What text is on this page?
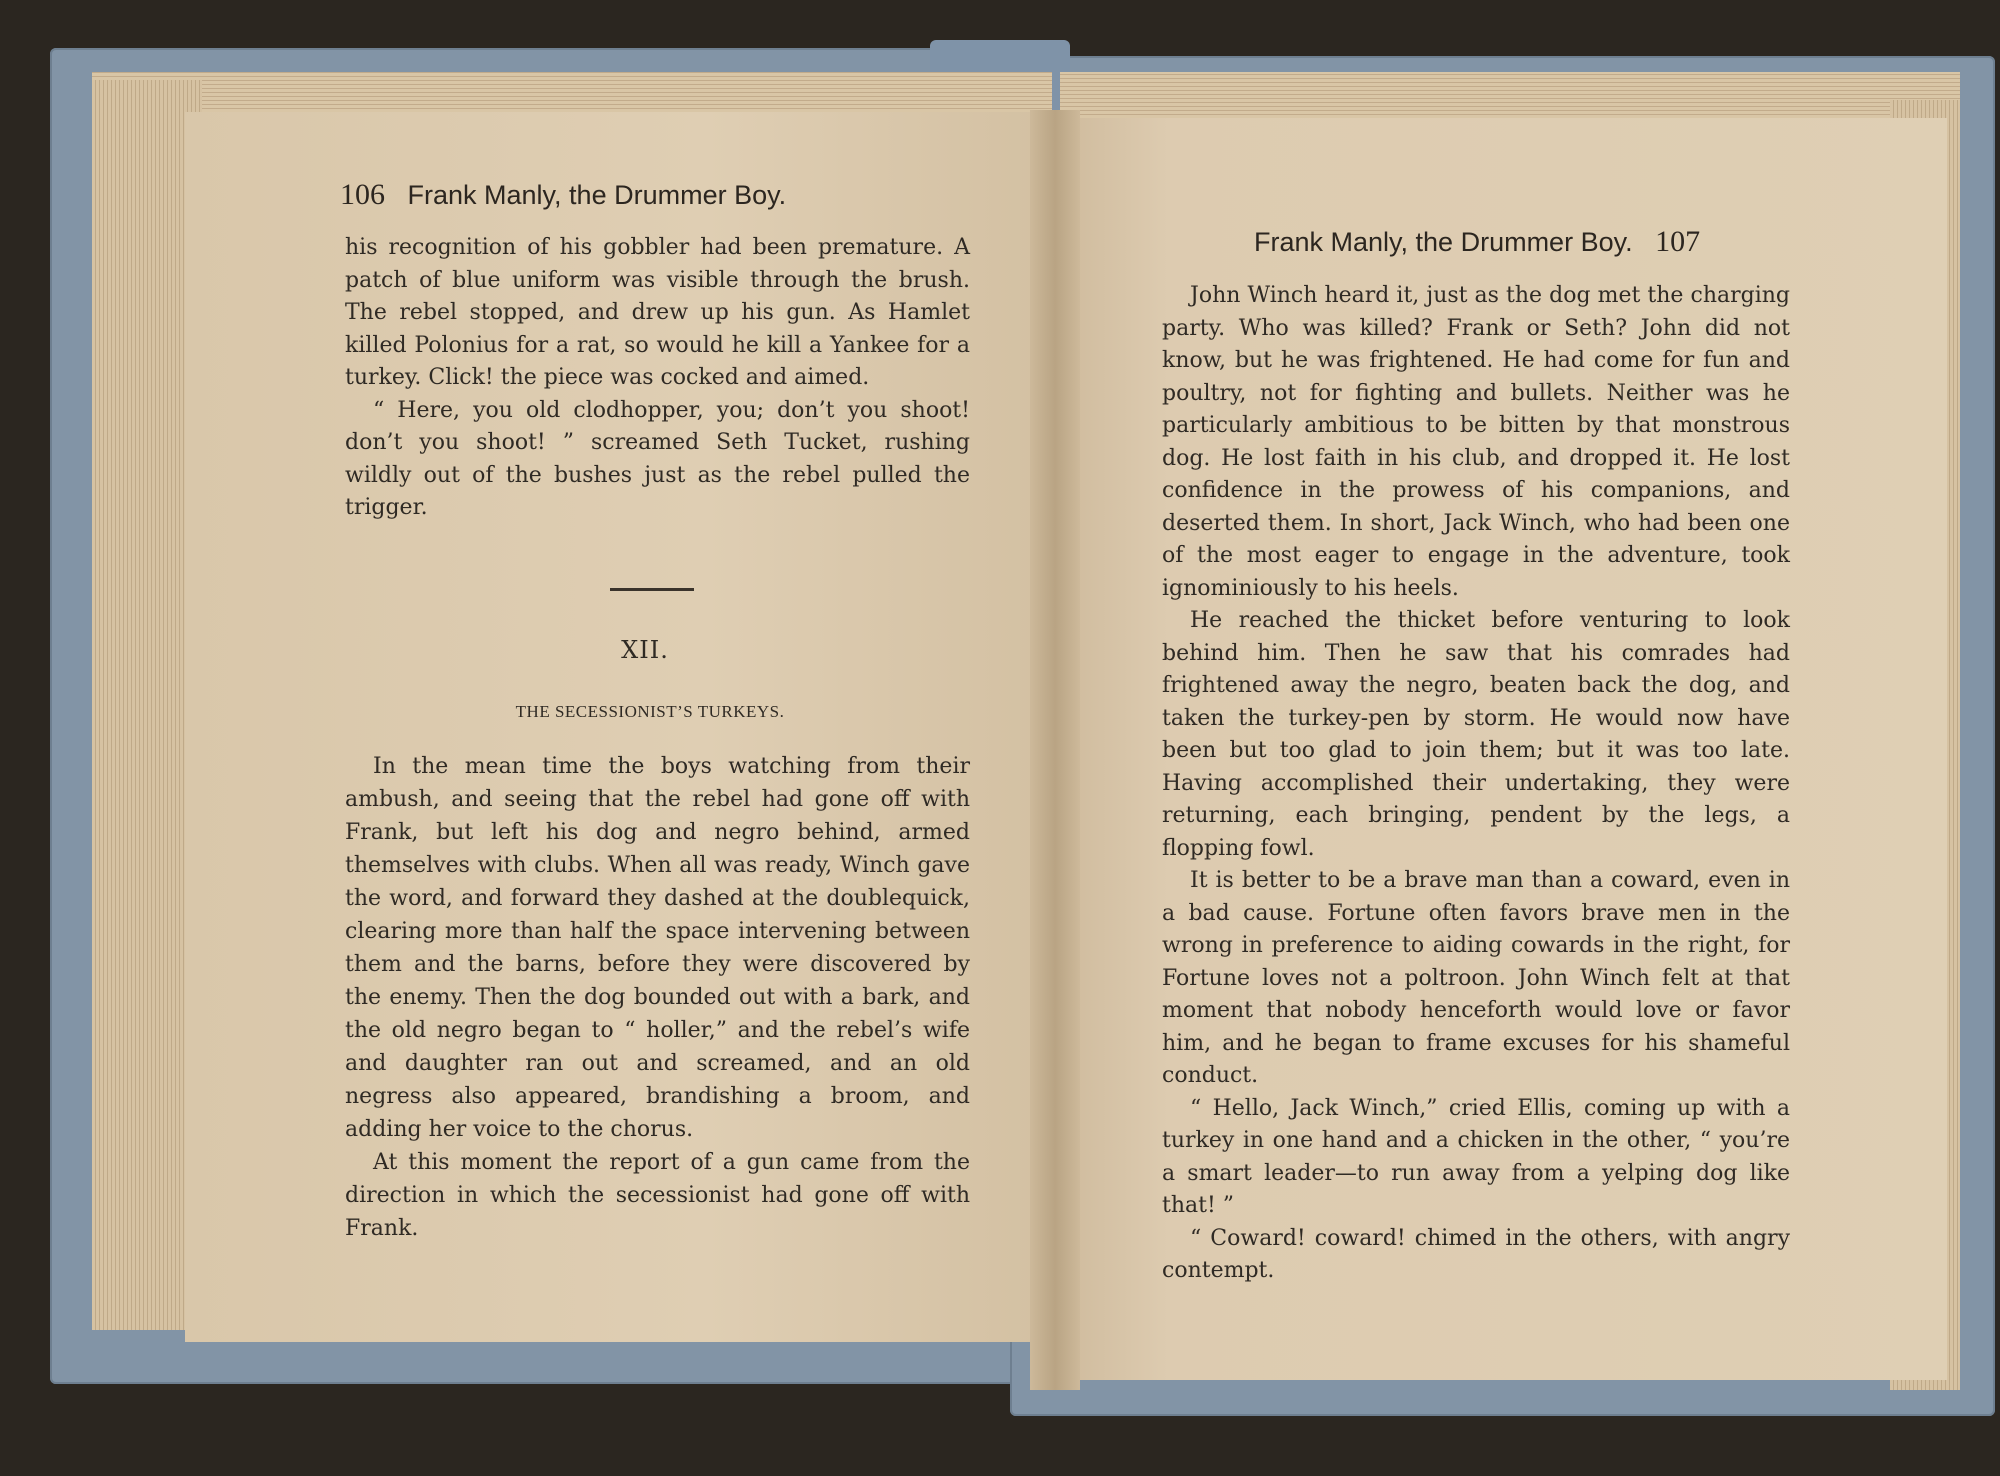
106 Frank Manly, the Drummer Boy.

his recognition of his gobbler had been premature. A patch of blue uniform was visible through the brush. The rebel stopped, and drew up his gun. As Hamlet killed Polonius for a rat, so would he kill a Yankee for a turkey. Click! the piece was cocked and aimed.

“ Here, you old clodhopper, you; don’t you shoot! don’t you shoot! ” screamed Seth Tucket, rushing wildly out of the bushes just as the rebel pulled the trigger.

XII.
THE SECESSIONIST’S TURKEYS.

In the mean time the boys watching from their ambush, and seeing that the rebel had gone off with Frank, but left his dog and negro behind, armed themselves with clubs. When all was ready, Winch gave the word, and forward they dashed at the doublequick, clearing more than half the space intervening between them and the barns, before they were discovered by the enemy. Then the dog bounded out with a bark, and the old negro began to “ holler,” and the rebel’s wife and daughter ran out and screamed, and an old negress also appeared, brandishing a broom, and adding her voice to the chorus.

At this moment the report of a gun came from the direction in which the secessionist had gone off with Frank.

Frank Manly, the Drummer Boy. 107

John Winch heard it, just as the dog met the charging party. Who was killed? Frank or Seth? John did not know, but he was frightened. He had come for fun and poultry, not for fighting and bullets. Neither was he particularly ambitious to be bitten by that monstrous dog. He lost faith in his club, and dropped it. He lost confidence in the prowess of his companions, and deserted them. In short, Jack Winch, who had been one of the most eager to engage in the adventure, took ignominiously to his heels.

He reached the thicket before venturing to look behind him. Then he saw that his comrades had frightened away the negro, beaten back the dog, and taken the turkey-pen by storm. He would now have been but too glad to join them; but it was too late. Having accomplished their undertaking, they were returning, each bringing, pendent by the legs, a flopping fowl.

It is better to be a brave man than a coward, even in a bad cause. Fortune often favors brave men in the wrong in preference to aiding cowards in the right, for Fortune loves not a poltroon. John Winch felt at that moment that nobody henceforth would love or favor him, and he began to frame excuses for his shameful conduct.

“ Hello, Jack Winch,” cried Ellis, coming up with a turkey in one hand and a chicken in the other, “ you’re a smart leader—to run away from a yelping dog like that! ”

“ Coward! coward! chimed in the others, with angry contempt.
